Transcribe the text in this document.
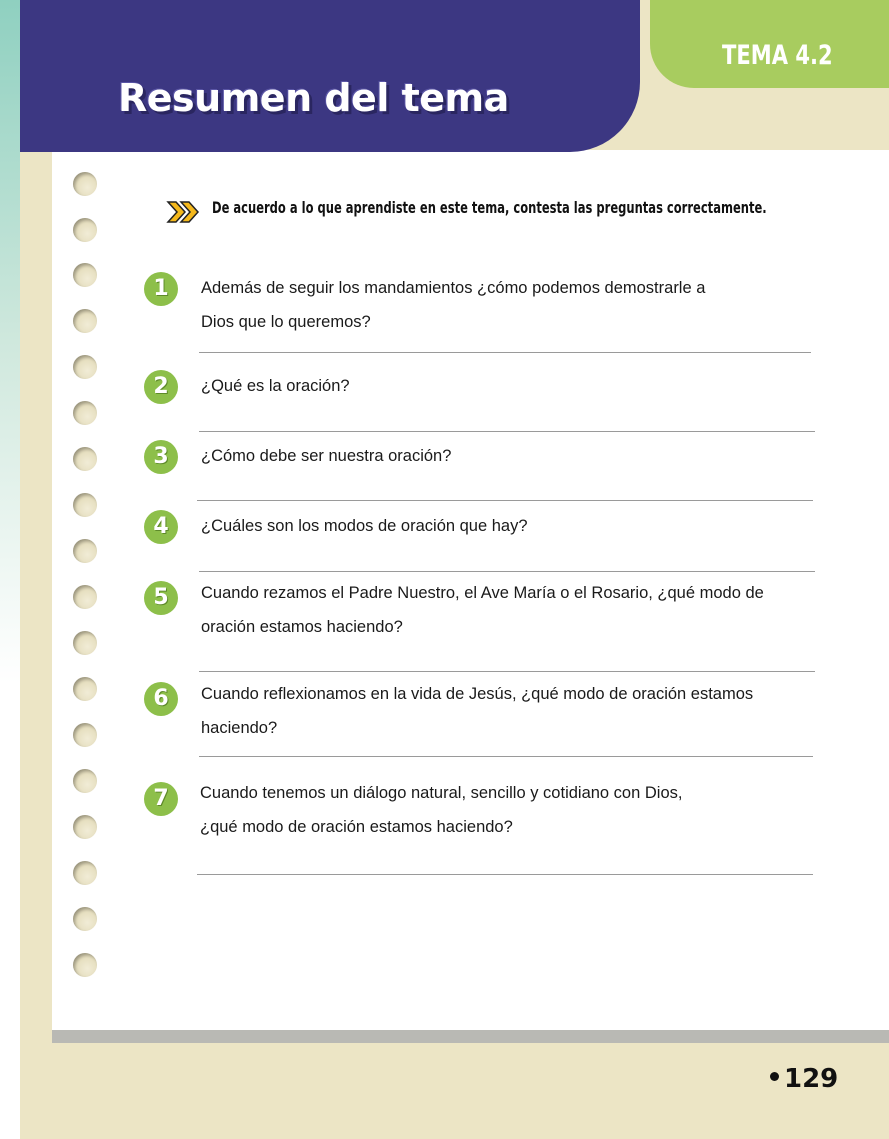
Resumen del tema
TEMA 4.2
De acuerdo a lo que aprendiste en este tema, contesta las preguntas correctamente.
1	Además de seguir los mandamientos ¿cómo podemos demostrarle a
Dios que lo queremos?
2	¿Qué es la oración?
3	¿Cómo debe ser nuestra oración?
4	¿Cuáles son los modos de oración que hay?
5	Cuando rezamos el Padre Nuestro, el Ave María o el Rosario, ¿qué modo de
oración estamos haciendo?
6	Cuando reflexionamos en la vida de Jesús, ¿qué modo de oración estamos
haciendo?
7	Cuando tenemos un diálogo natural, sencillo y cotidiano con Dios,
¿qué modo de oración estamos haciendo?
129
